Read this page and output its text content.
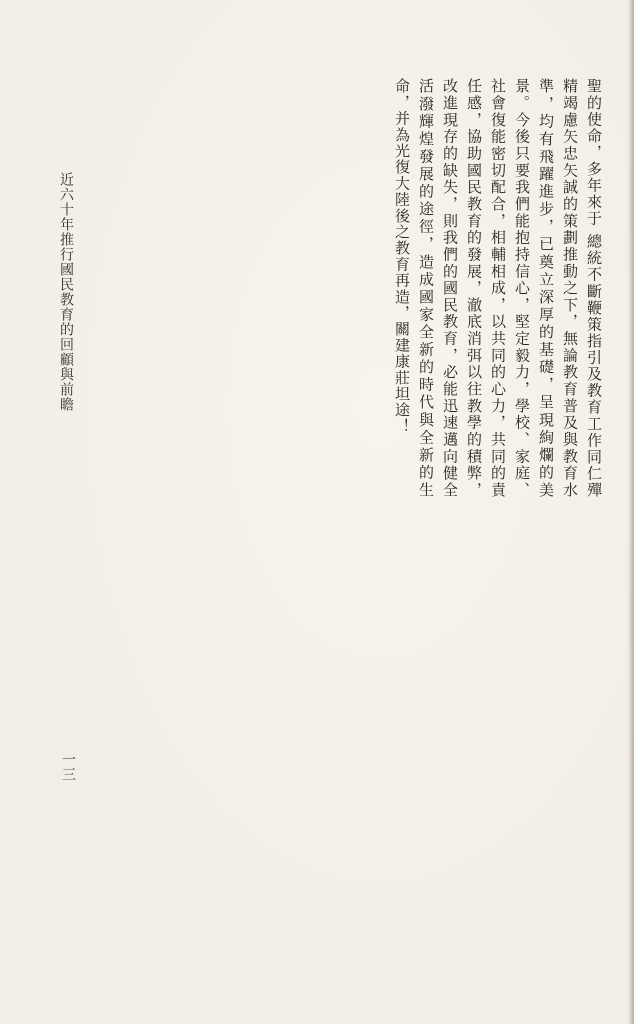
聖的使命，多年來于 總統不斷鞭策指引及教育工作同仁殫精竭慮矢忠矢誠的策劃推動之下，無論教育普及與教育水準，均有飛躍進步，已奠立深厚的基礎，呈現絢爛的美景。今後只要我們能抱持信心，堅定毅力，學校、家庭、社會復能密切配合，相輔相成，以共同的心力，共同的責任感，協助國民教育的發展，澈底消弭以往教學的積弊，改進現存的缺失，則我們的國民教育，必能迅速邁向健全活潑輝煌發展的途徑，造成國家全新的時代與全新的生命，并為光復大陸後之教育再造，關建康莊坦途！

近六十年推行國民教育的回顧與前瞻
一三
